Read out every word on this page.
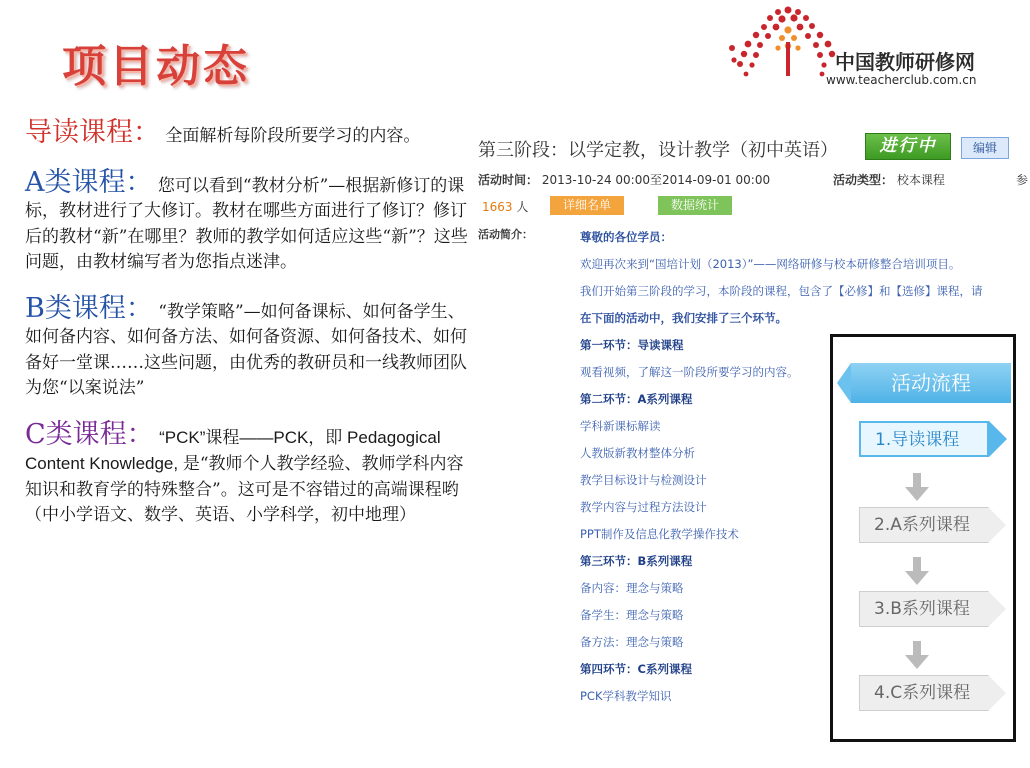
项目动态	中国教师研修网
www.teacherclub.com.cn

导读课程： 全面解析每阶段所要学习的内容。

A类课程： 您可以看到“教材分析”—根据新修订的课标，教材进行了大修订。教材在哪些方面进行了修订？修订后的教材“新”在哪里？教师的教学如何适应这些“新”？这些问题，由教材编写者为您指点迷津。

B类课程： “教学策略”—如何备课标、如何备学生、如何备内容、如何备方法、如何备资源、如何备技术、如何备好一堂课……这些问题，由优秀的教研员和一线教师团队为您“以案说法”

C类课程： “PCK”课程——PCK，即 Pedagogical Content Knowledge, 是“教师个人教学经验、教师学科内容知识和教育学的特殊整合”。这可是不容错过的高端课程哟（中小学语文、数学、英语、小学科学，初中地理）

第三阶段：以学定教，设计教学（初中英语）	进行中	编辑
活动时间： 2013-10-24 00:00至2014-09-01 00:00	活动类型： 校本课程	参
1663 人	详细名单	数据统计
活动简介：	尊敬的各位学员：
欢迎再次来到“国培计划（2013）”——网络研修与校本研修整合培训项目。
我们开始第三阶段的学习，本阶段的课程，包含了【必修】和【选修】课程，请
在下面的活动中，我们安排了三个环节。
第一环节：导读课程
观看视频，了解这一阶段所要学习的内容。
第二环节：A系列课程
学科新课标解读
人教版新教材整体分析
教学目标设计与检测设计
教学内容与过程方法设计
PPT制作及信息化教学操作技术
第三环节：B系列课程
备内容：理念与策略
备学生：理念与策略
备方法：理念与策略
第四环节：C系列课程
PCK学科教学知识
活动流程
1.导读课程
2.A系列课程
3.B系列课程
4.C系列课程
